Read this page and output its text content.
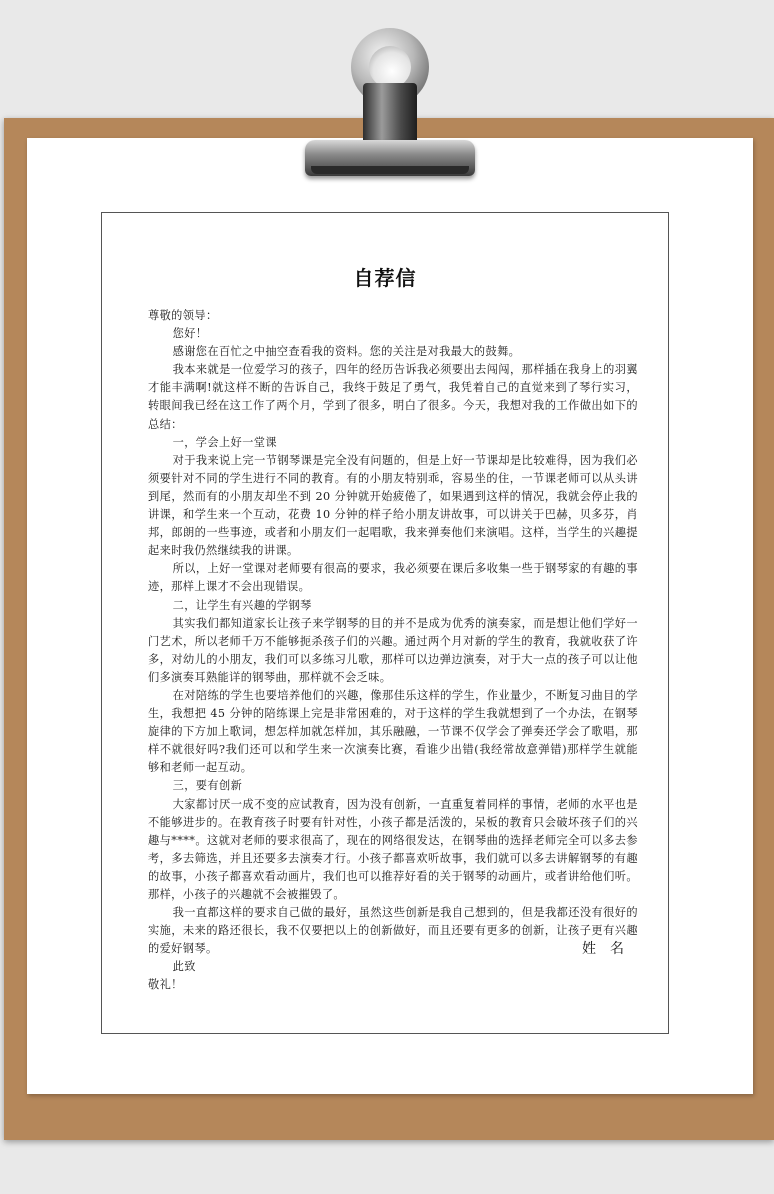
自荐信

尊敬的领导：

您好！

感谢您在百忙之中抽空查看我的资料。您的关注是对我最大的鼓舞。

我本来就是一位爱学习的孩子，四年的经历告诉我必须要出去闯闯，那样插在我身上的羽翼才能丰满啊!就这样不断的告诉自己，我终于鼓足了勇气，我凭着自己的直觉来到了琴行实习，转眼间我已经在这工作了两个月，学到了很多，明白了很多。今天，我想对我的工作做出如下的总结：

一，学会上好一堂课

对于我来说上完一节钢琴课是完全没有问题的，但是上好一节课却是比较难得，因为我们必须要针对不同的学生进行不同的教育。有的小朋友特别乖，容易坐的住，一节课老师可以从头讲到尾，然而有的小朋友却坐不到 20 分钟就开始疲倦了，如果遇到这样的情况，我就会停止我的讲课，和学生来一个互动，花费 10 分钟的样子给小朋友讲故事，可以讲关于巴赫，贝多芬，肖邦，郎朗的一些事迹，或者和小朋友们一起唱歌，我来弹奏他们来演唱。这样，当学生的兴趣提起来时我仍然继续我的讲课。

所以，上好一堂课对老师要有很高的要求，我必须要在课后多收集一些于钢琴家的有趣的事迹，那样上课才不会出现错误。

二，让学生有兴趣的学钢琴

其实我们都知道家长让孩子来学钢琴的目的并不是成为优秀的演奏家，而是想让他们学好一门艺术，所以老师千万不能够扼杀孩子们的兴趣。通过两个月对新的学生的教育，我就收获了许多，对幼儿的小朋友，我们可以多练习儿歌，那样可以边弹边演奏，对于大一点的孩子可以让他们多演奏耳熟能详的钢琴曲，那样就不会乏味。

在对陪练的学生也要培养他们的兴趣，像那佳乐这样的学生，作业量少，不断复习曲目的学生，我想把 45 分钟的陪练课上完是非常困难的，对于这样的学生我就想到了一个办法，在钢琴旋律的下方加上歌词，想怎样加就怎样加，其乐融融，一节课不仅学会了弹奏还学会了歌唱，那样不就很好吗?我们还可以和学生来一次演奏比赛，看谁少出错(我经常故意弹错)那样学生就能够和老师一起互动。

三，要有创新

大家都讨厌一成不变的应试教育，因为没有创新，一直重复着同样的事情，老师的水平也是不能够进步的。在教育孩子时要有针对性，小孩子都是活泼的，呆板的教育只会破坏孩子们的兴趣与****。这就对老师的要求很高了，现在的网络很发达，在钢琴曲的选择老师完全可以多去参考，多去筛选，并且还要多去演奏才行。小孩子都喜欢听故事，我们就可以多去讲解钢琴的有趣的故事，小孩子都喜欢看动画片，我们也可以推荐好看的关于钢琴的动画片，或者讲给他们听。那样，小孩子的兴趣就不会被摧毁了。

我一直都这样的要求自己做的最好，虽然这些创新是我自己想到的，但是我都还没有很好的实施，未来的路还很长，我不仅要把以上的创新做好，而且还要有更多的创新，让孩子更有兴趣的爱好钢琴。

此致

敬礼！

姓名
